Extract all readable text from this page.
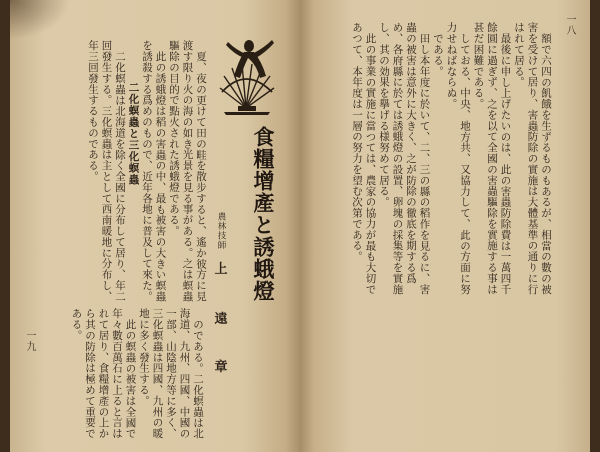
食糧增產と誘蛾燈
農林技師
上
遠
章

夏、夜の更けて田の畦を散步すると、遙か彼方に見渡す限り火の海の如き光景を見る事がある。之は螟蟲驅除の目的で點火された誘蛾燈である。

此の誘蛾燈は稻の害蟲の中、最も被害の大きい螟蟲を誘殺する爲めのもので、近年各地に普及して來た。

二化螟蟲と三化螟蟲

二化螟蟲は北海道を除く全國に分布して居り、年二回發生する。三化螟蟲は主として西南暖地に分布し、年三回發生するものである。

のである。二化螟蟲は北海道、九州、四國、中國の一部、山陰地方等に多く、三化螟蟲は四國、九州の暖地に多く發生する。

此の螟蟲の被害は全國で年々數百萬石に上ると言はれて居り、食糧增產の上から其の防除は極めて重要である。

一九

額で六四の飢餓を生ずるものもあるが、相當の數の被害を受けて居り、害蟲防除の實施は大體基準の通りに行はれて居る。

最後に申し上げたいのは、此の害蟲防除費は一萬四千餘圓に過ぎず、之を以て全國の害蟲驅除を實施する事は甚だ困難である。

しておる、中央、地方共、又協力して、此の方面に努力せねばならぬ。

である。

田し本年度に於いて、二、三の縣の稻作を見るに、害蟲の被害は意外に大きく、之が防除の徹底を期する爲め、各府縣に於ては誘蛾燈の設置、卵塊の採集等を實施し、其の効果を擧げる様努めて居る。

此の事業の實施に當つては、農家の協力が最も大切であつて、本年度は一層の努力を望む次第である。	一八
